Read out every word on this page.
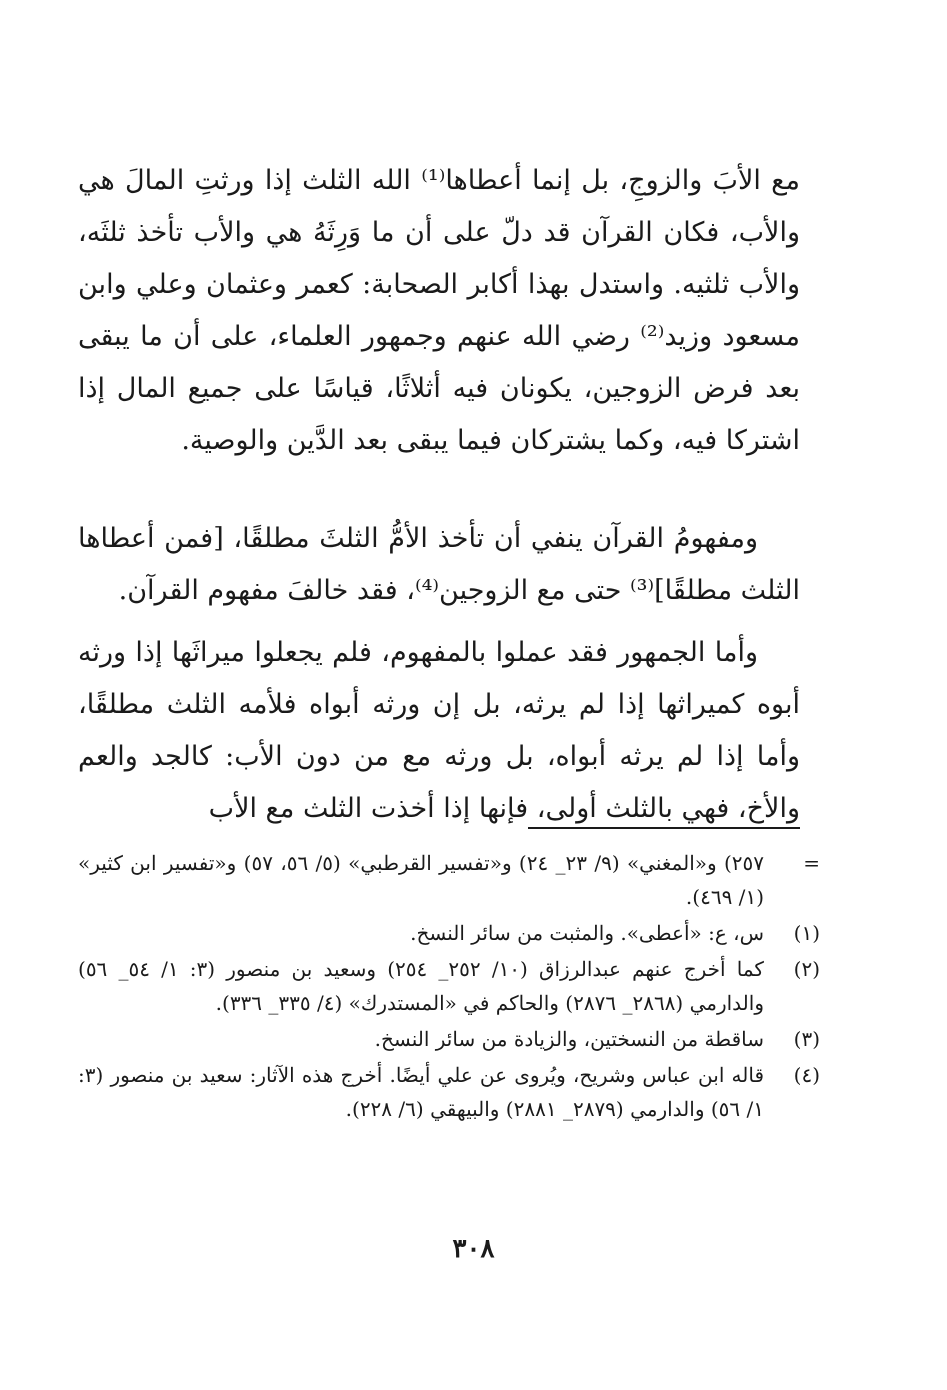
مع الأبَ والزوجِ، بل إنما أعطاها⁽¹⁾ الله الثلث إذا ورثتِ المالَ هي والأب، فكان القرآن قد دلّ على أن ما وَرِثَهُ هي والأب تأخذ ثلثَه، والأب ثلثيه. واستدل بهذا أكابر الصحابة: كعمر وعثمان وعلي وابن مسعود وزيد⁽²⁾ رضي الله عنهم وجمهور العلماء، على أن ما يبقى بعد فرض الزوجين، يكونان فيه أثلاثًا، قياسًا على جميع المال إذا اشتركا فيه، وكما يشتركان فيما يبقى بعد الدَّين والوصية.

ومفهومُ القرآن ينفي أن تأخذ الأمُّ الثلثَ مطلقًا، [فمن أعطاها الثلث مطلقًا]⁽³⁾ حتى مع الزوجين⁽⁴⁾، فقد خالفَ مفهوم القرآن.

وأما الجمهور فقد عملوا بالمفهوم، فلم يجعلوا ميراثَها إذا ورثه أبوه كميراثها إذا لم يرثه، بل إن ورثه أبواه فلأمه الثلث مطلقًا، وأما إذا لم يرثه أبواه، بل ورثه مع من دون الأب: كالجد والعم والأخ، فهي بالثلث أولى، فإنها إذا أخذت الثلث مع الأب

=
٢٥٧) و«المغني» (٩/ ٢٣_ ٢٤) و«تفسير القرطبي» (٥/ ٥٦، ٥٧) و«تفسير ابن كثير» (١/ ٤٦٩).
(١)
س، ع: «أعطى». والمثبت من سائر النسخ.
(٢)
كما أخرج عنهم عبدالرزاق (١٠/ ٢٥٢_ ٢٥٤) وسعيد بن منصور (٣: ١/ ٥٤_ ٥٦) والدارمي (٢٨٦٨_ ٢٨٧٦) والحاكم في «المستدرك» (٤/ ٣٣٥_ ٣٣٦).
(٣)
ساقطة من النسختين، والزيادة من سائر النسخ.
(٤)
قاله ابن عباس وشريح، ويُروى عن علي أيضًا. أخرج هذه الآثار: سعيد بن منصور (٣: ١/ ٥٦) والدارمي (٢٨٧٩_ ٢٨٨١) والبيهقي (٦/ ٢٢٨).
٣٠٨
